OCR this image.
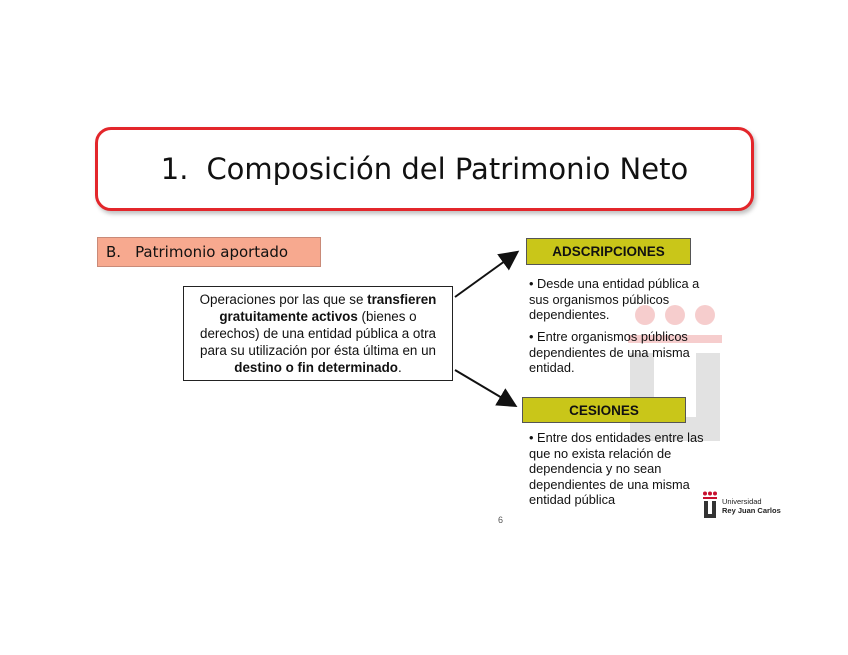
1. Composición del Patrimonio Neto
B. Patrimonio aportado

Operaciones por las que se transfieren gratuitamente activos (bienes o derechos) de una entidad pública a otra para su utilización por ésta última en un destino o fin determinado.

ADSCRIPCIONES
• Desde una entidad pública a sus organismos públicos dependientes.
• Entre organismos públicos dependientes de una misma entidad.
CESIONES
• Entre dos entidades entre las que no exista relación de dependencia y no sean dependientes de una misma entidad pública
6
Universidad
Rey Juan Carlos
